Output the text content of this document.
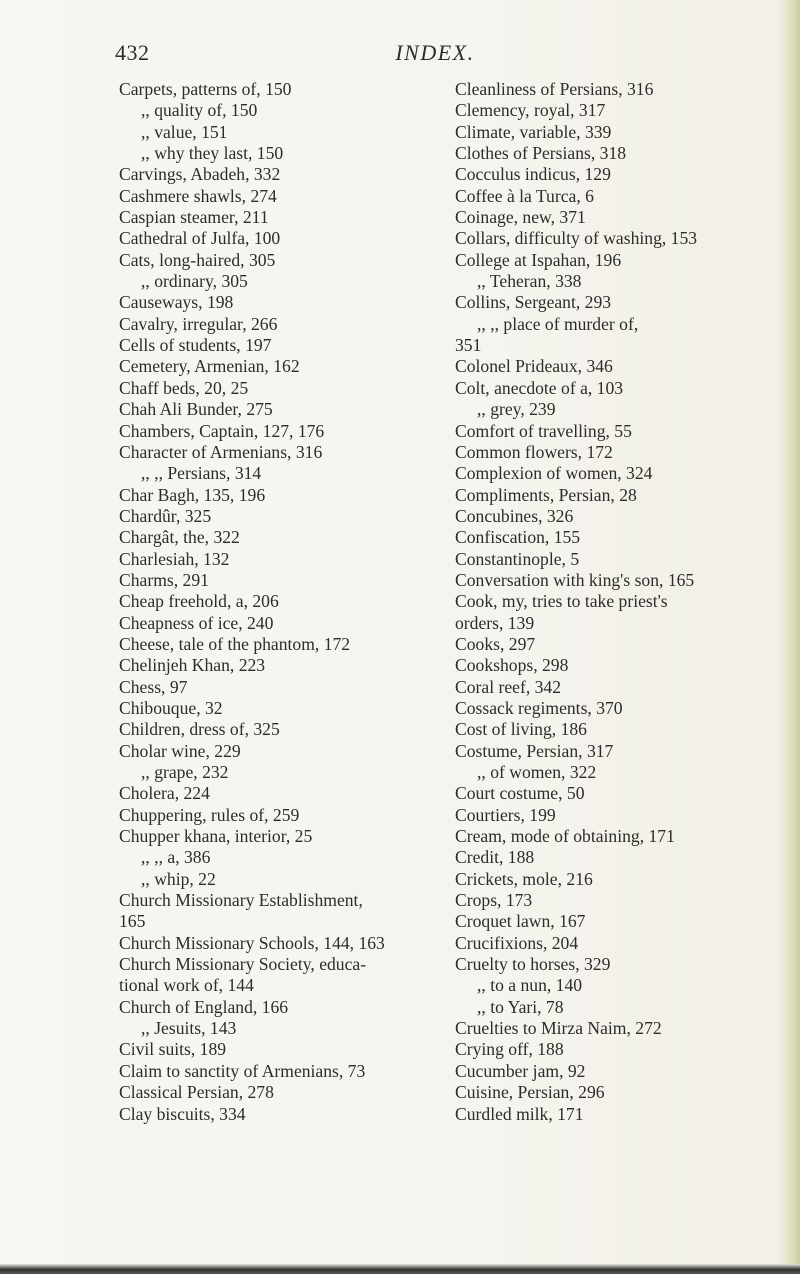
432	INDEX.
Carpets, patterns of, 150
,, quality of, 150
,, value, 151
,, why they last, 150
Carvings, Abadeh, 332
Cashmere shawls, 274
Caspian steamer, 211
Cathedral of Julfa, 100
Cats, long-haired, 305
,, ordinary, 305
Causeways, 198
Cavalry, irregular, 266
Cells of students, 197
Cemetery, Armenian, 162
Chaff beds, 20, 25
Chah Ali Bunder, 275
Chambers, Captain, 127, 176
Character of Armenians, 316
,, ,, Persians, 314
Char Bagh, 135, 196
Chardûr, 325
Chargât, the, 322
Charlesiah, 132
Charms, 291
Cheap freehold, a, 206
Cheapness of ice, 240
Cheese, tale of the phantom, 172
Chelinjeh Khan, 223
Chess, 97
Chibouque, 32
Children, dress of, 325
Cholar wine, 229
,, grape, 232
Cholera, 224
Chuppering, rules of, 259
Chupper khana, interior, 25
,, ,, a, 386
,, whip, 22
Church Missionary Establishment,
165
Church Missionary Schools, 144, 163
Church Missionary Society, educa-
tional work of, 144
Church of England, 166
,, Jesuits, 143
Civil suits, 189
Claim to sanctity of Armenians, 73
Classical Persian, 278
Clay biscuits, 334
Cleanliness of Persians, 316
Clemency, royal, 317
Climate, variable, 339
Clothes of Persians, 318
Cocculus indicus, 129
Coffee à la Turca, 6
Coinage, new, 371
Collars, difficulty of washing, 153
College at Ispahan, 196
,, Teheran, 338
Collins, Sergeant, 293
,, ,, place of murder of,
351
Colonel Prideaux, 346
Colt, anecdote of a, 103
,, grey, 239
Comfort of travelling, 55
Common flowers, 172
Complexion of women, 324
Compliments, Persian, 28
Concubines, 326
Confiscation, 155
Constantinople, 5
Conversation with king's son, 165
Cook, my, tries to take priest's
orders, 139
Cooks, 297
Cookshops, 298
Coral reef, 342
Cossack regiments, 370
Cost of living, 186
Costume, Persian, 317
,, of women, 322
Court costume, 50
Courtiers, 199
Cream, mode of obtaining, 171
Credit, 188
Crickets, mole, 216
Crops, 173
Croquet lawn, 167
Crucifixions, 204
Cruelty to horses, 329
,, to a nun, 140
,, to Yari, 78
Cruelties to Mirza Naim, 272
Crying off, 188
Cucumber jam, 92
Cuisine, Persian, 296
Curdled milk, 171
